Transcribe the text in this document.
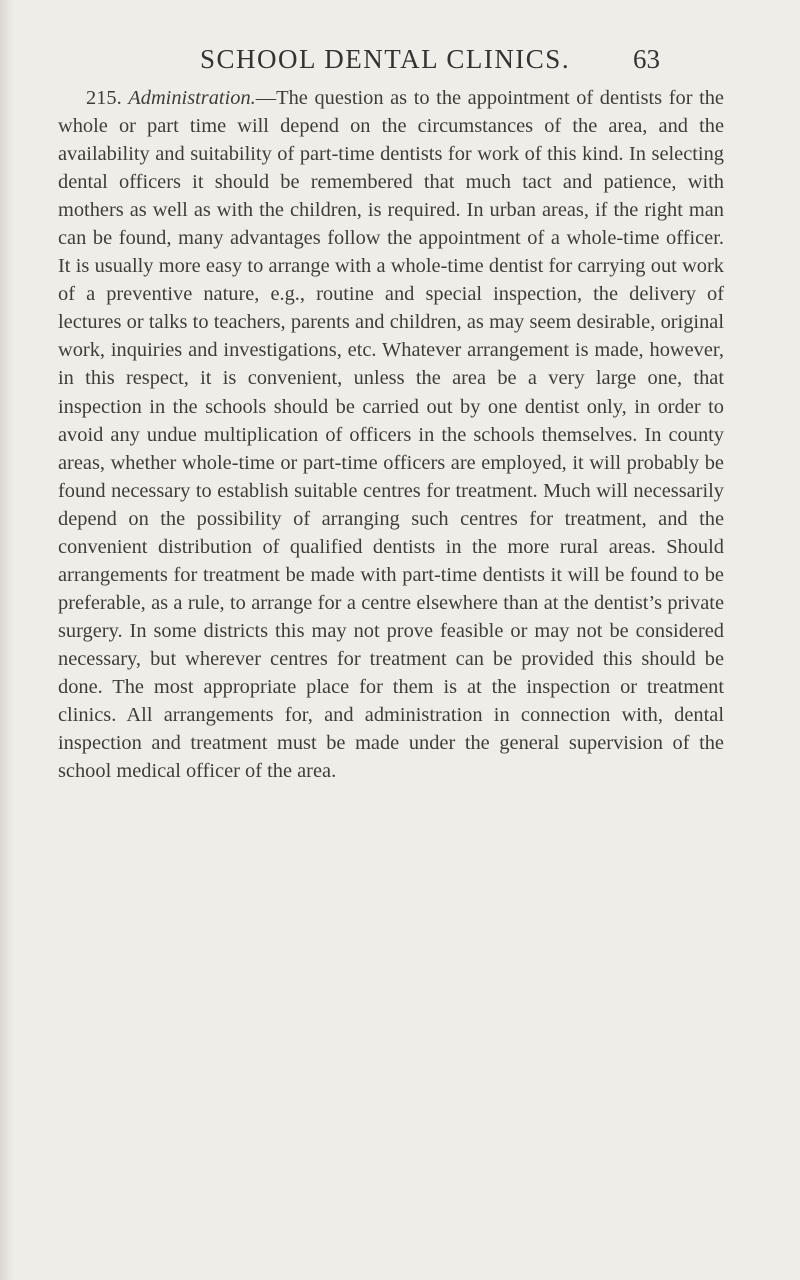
SCHOOL DENTAL CLINICS. 63

215. Administration.—The question as to the appointment of dentists for the whole or part time will depend on the circumstances of the area, and the availability and suitability of part-time dentists for work of this kind. In selecting dental officers it should be remembered that much tact and patience, with mothers as well as with the children, is required. In urban areas, if the right man can be found, many advantages follow the appointment of a whole-time officer. It is usually more easy to arrange with a whole-time dentist for carrying out work of a preventive nature, e.g., routine and special inspection, the delivery of lectures or talks to teachers, parents and children, as may seem desirable, original work, inquiries and investigations, etc. Whatever arrangement is made, however, in this respect, it is convenient, unless the area be a very large one, that inspection in the schools should be carried out by one dentist only, in order to avoid any undue multiplication of officers in the schools themselves. In county areas, whether whole-time or part-time officers are employed, it will probably be found necessary to establish suitable centres for treatment. Much will necessarily depend on the possibility of arranging such centres for treatment, and the convenient distribution of qualified dentists in the more rural areas. Should arrangements for treatment be made with part-time dentists it will be found to be preferable, as a rule, to arrange for a centre elsewhere than at the dentist’s private surgery. In some districts this may not prove feasible or may not be considered necessary, but wherever centres for treatment can be provided this should be done. The most appropriate place for them is at the inspection or treatment clinics. All arrangements for, and administration in connection with, dental inspection and treatment must be made under the general supervision of the school medical officer of the area.
